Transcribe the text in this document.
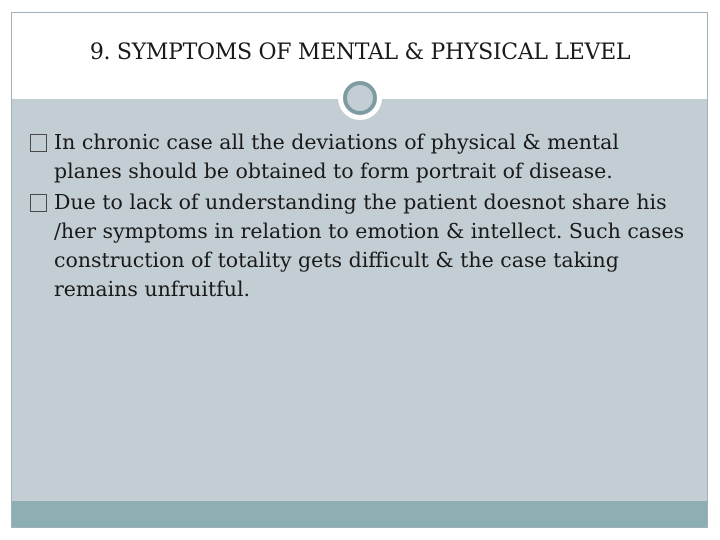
9. SYMPTOMS OF MENTAL & PHYSICAL LEVEL
In chronic case all the deviations of physical & mental planes should be obtained to form portrait of disease.
Due to lack of understanding the patient doesnot share his /her symptoms in relation to emotion & intellect. Such cases construction of totality gets difficult & the case taking remains unfruitful.
